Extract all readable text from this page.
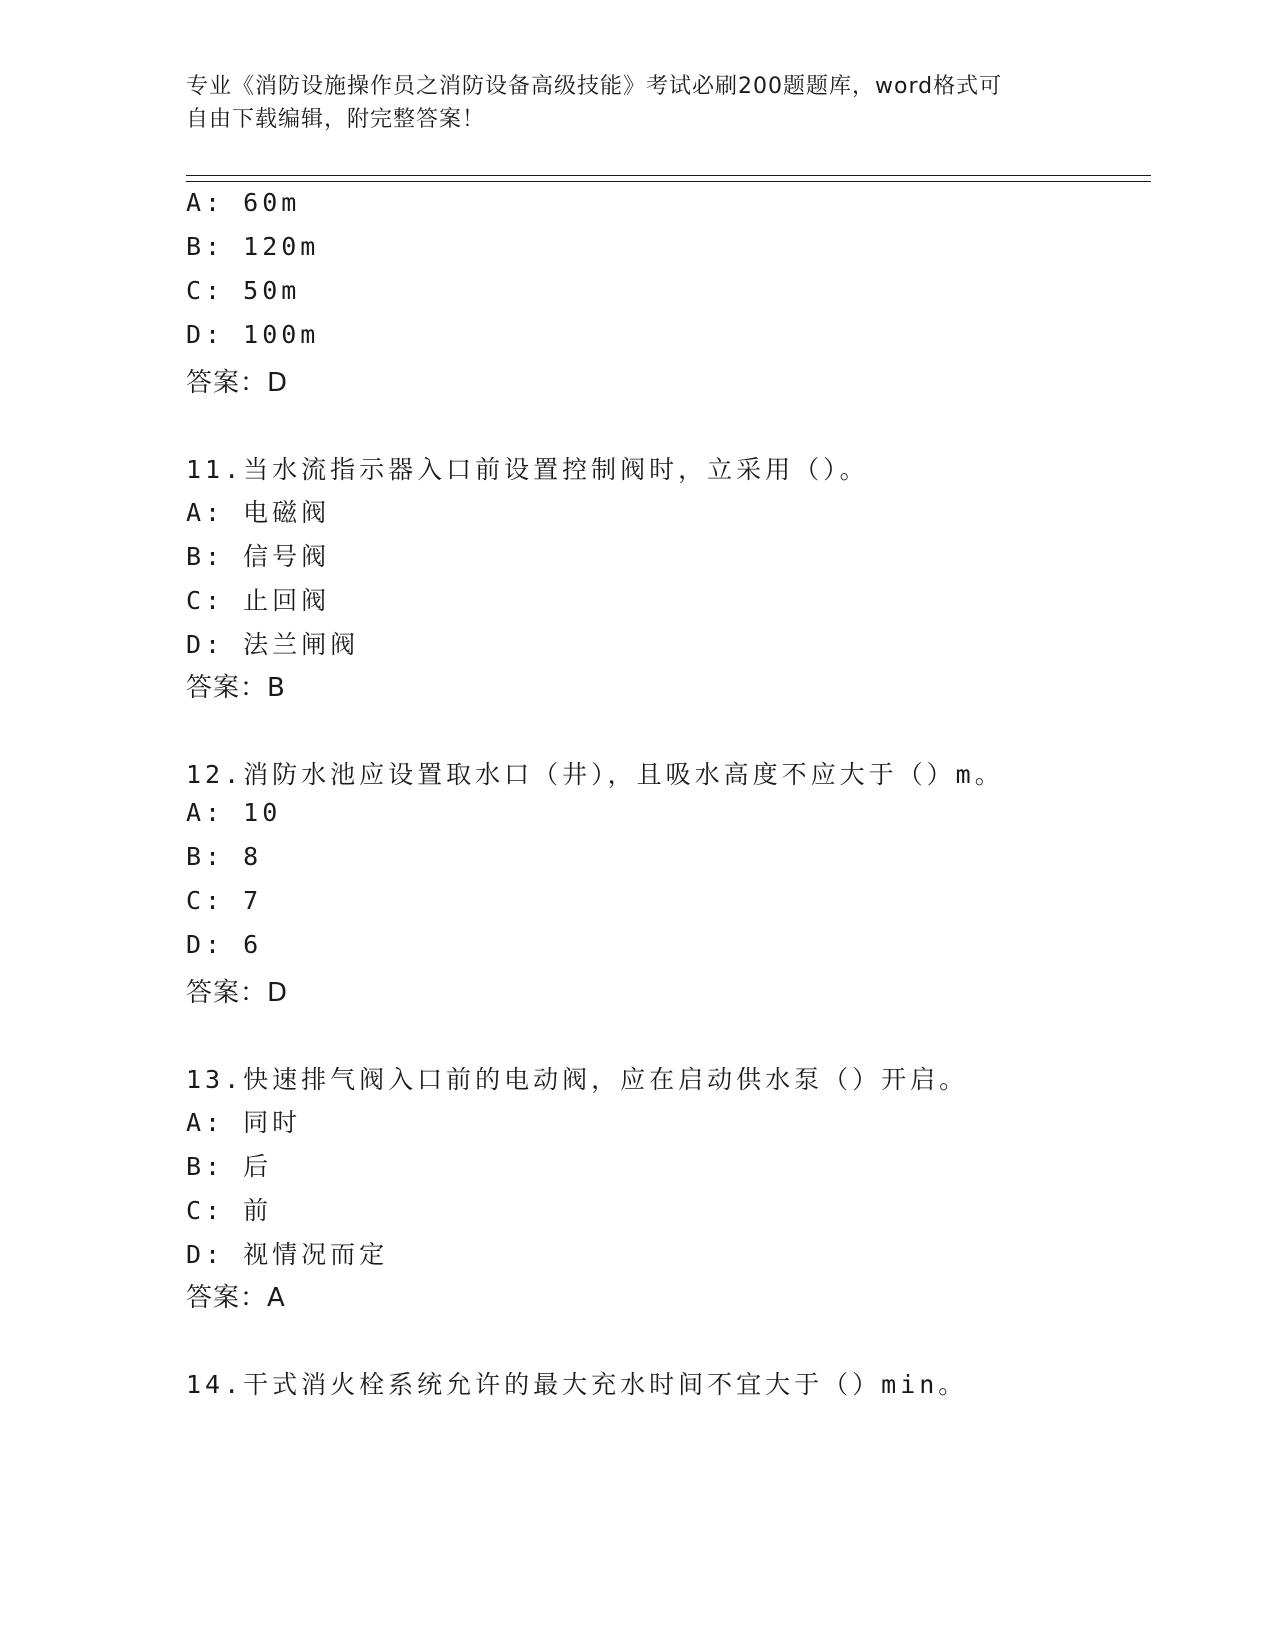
专业《消防设施操作员之消防设备高级技能》考试必刷200题题库，word格式可
自由下载编辑，附完整答案！
A: 60m
B: 120m
C: 50m
D: 100m
答案：D
11.当水流指示器入口前设置控制阀时，立采用（）。
A: 电磁阀
B: 信号阀
C: 止回阀
D: 法兰闸阀
答案：B
12.消防水池应设置取水口（井），且吸水高度不应大于（）m。
A: 10
B: 8
C: 7
D: 6
答案：D
13.快速排气阀入口前的电动阀，应在启动供水泵（）开启。
A: 同时
B: 后
C: 前
D: 视情况而定
答案：A
14.干式消火栓系统允许的最大充水时间不宜大于（）min。
